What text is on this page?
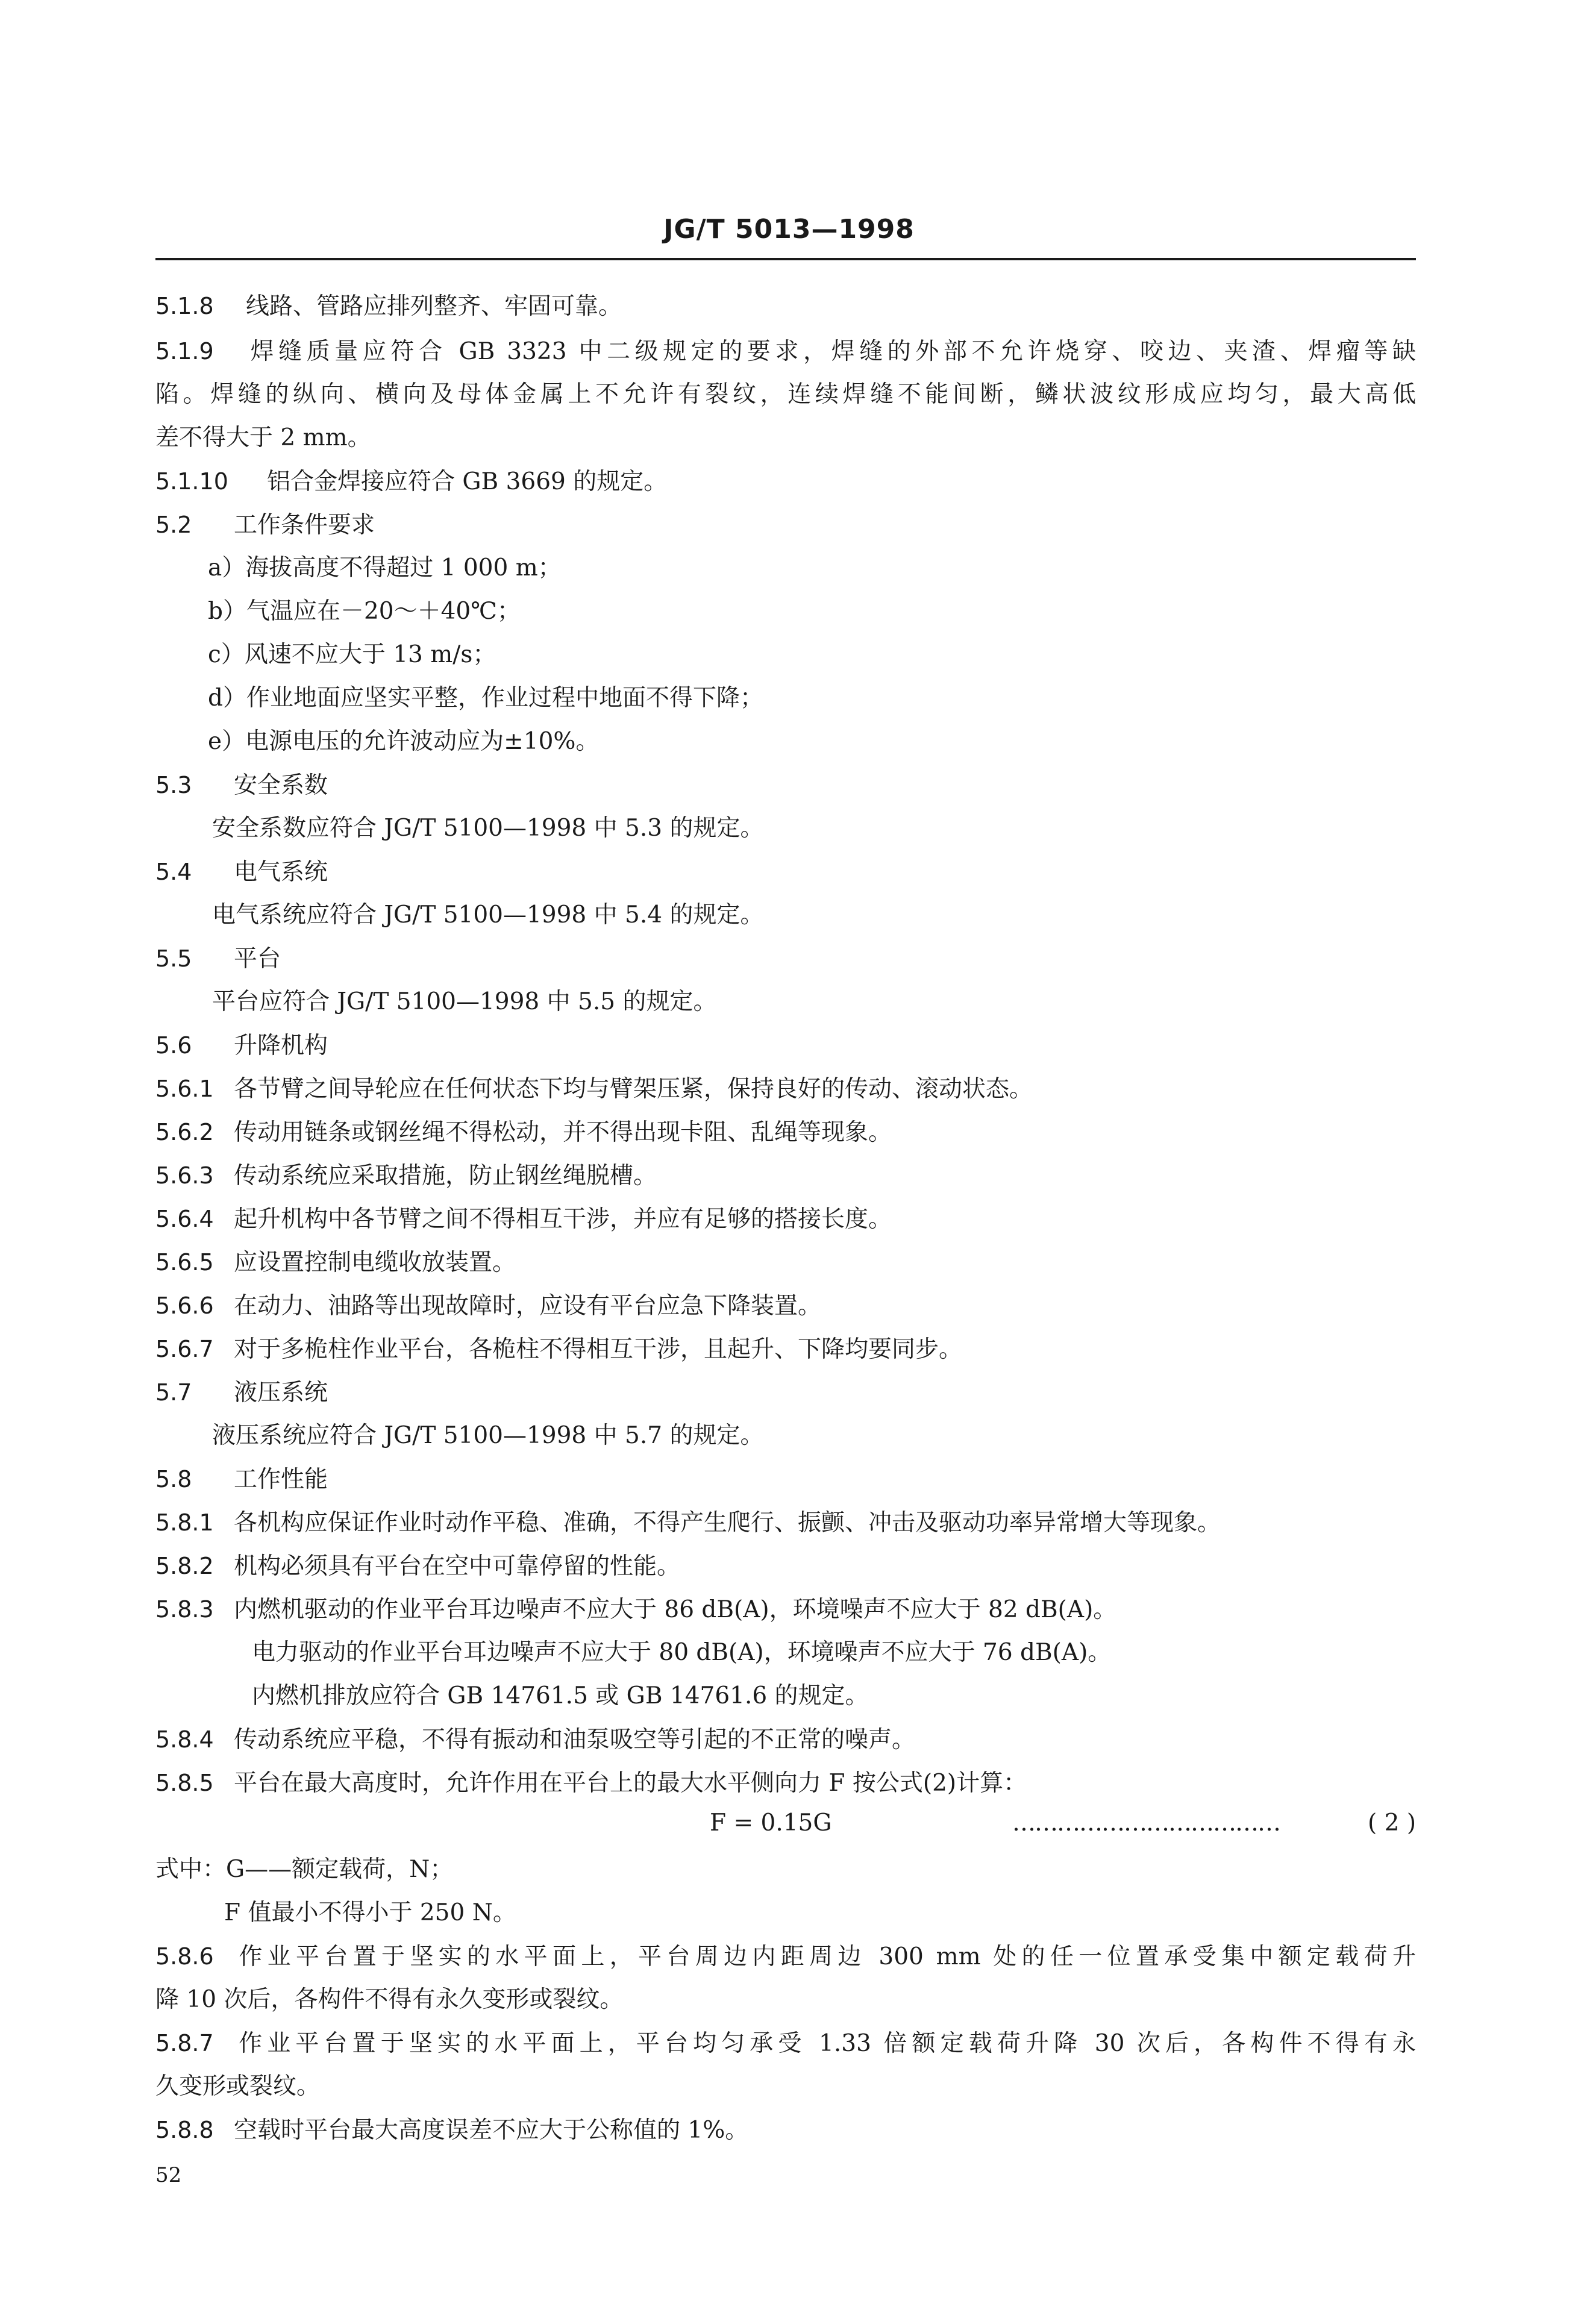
JG/T 5013—1998
5.1.8 线路、管路应排列整齐、牢固可靠。
5.1.9 焊缝质量应符合 GB 3323 中二级规定的要求，焊缝的外部不允许烧穿、咬边、夹渣、焊瘤等缺
陷。焊缝的纵向、横向及母体金属上不允许有裂纹，连续焊缝不能间断，鳞状波纹形成应均匀，最大高低
差不得大于 2 mm。
5.1.10 铝合金焊接应符合 GB 3669 的规定。
5.2 工作条件要求
a）海拔高度不得超过 1 000 m；
b）气温应在－20～＋40℃；
c）风速不应大于 13 m/s；
d）作业地面应坚实平整，作业过程中地面不得下降；
e）电源电压的允许波动应为±10%。
5.3 安全系数
安全系数应符合 JG/T 5100—1998 中 5.3 的规定。
5.4 电气系统
电气系统应符合 JG/T 5100—1998 中 5.4 的规定。
5.5 平台
平台应符合 JG/T 5100—1998 中 5.5 的规定。
5.6 升降机构
5.6.1 各节臂之间导轮应在任何状态下均与臂架压紧，保持良好的传动、滚动状态。
5.6.2 传动用链条或钢丝绳不得松动，并不得出现卡阻、乱绳等现象。
5.6.3 传动系统应采取措施，防止钢丝绳脱槽。
5.6.4 起升机构中各节臂之间不得相互干涉，并应有足够的搭接长度。
5.6.5 应设置控制电缆收放装置。
5.6.6 在动力、油路等出现故障时，应设有平台应急下降装置。
5.6.7 对于多桅柱作业平台，各桅柱不得相互干涉，且起升、下降均要同步。
5.7 液压系统
液压系统应符合 JG/T 5100—1998 中 5.7 的规定。
5.8 工作性能
5.8.1 各机构应保证作业时动作平稳、准确，不得产生爬行、振颤、冲击及驱动功率异常增大等现象。
5.8.2 机构必须具有平台在空中可靠停留的性能。
5.8.3 内燃机驱动的作业平台耳边噪声不应大于 86 dB(A)，环境噪声不应大于 82 dB(A)。
电力驱动的作业平台耳边噪声不应大于 80 dB(A)，环境噪声不应大于 76 dB(A)。
内燃机排放应符合 GB 14761.5 或 GB 14761.6 的规定。
5.8.4 传动系统应平稳，不得有振动和油泵吸空等引起的不正常的噪声。
5.8.5 平台在最大高度时，允许作用在平台上的最大水平侧向力 F 按公式(2)计算：
F = 0.15G	………………………………	( 2 )
式中：G——额定载荷，N；
F 值最小不得小于 250 N。
5.8.6 作业平台置于坚实的水平面上，平台周边内距周边 300 mm 处的任一位置承受集中额定载荷升
降 10 次后，各构件不得有永久变形或裂纹。
5.8.7 作业平台置于坚实的水平面上，平台均匀承受 1.33 倍额定载荷升降 30 次后，各构件不得有永
久变形或裂纹。
5.8.8 空载时平台最大高度误差不应大于公称值的 1%。
52
